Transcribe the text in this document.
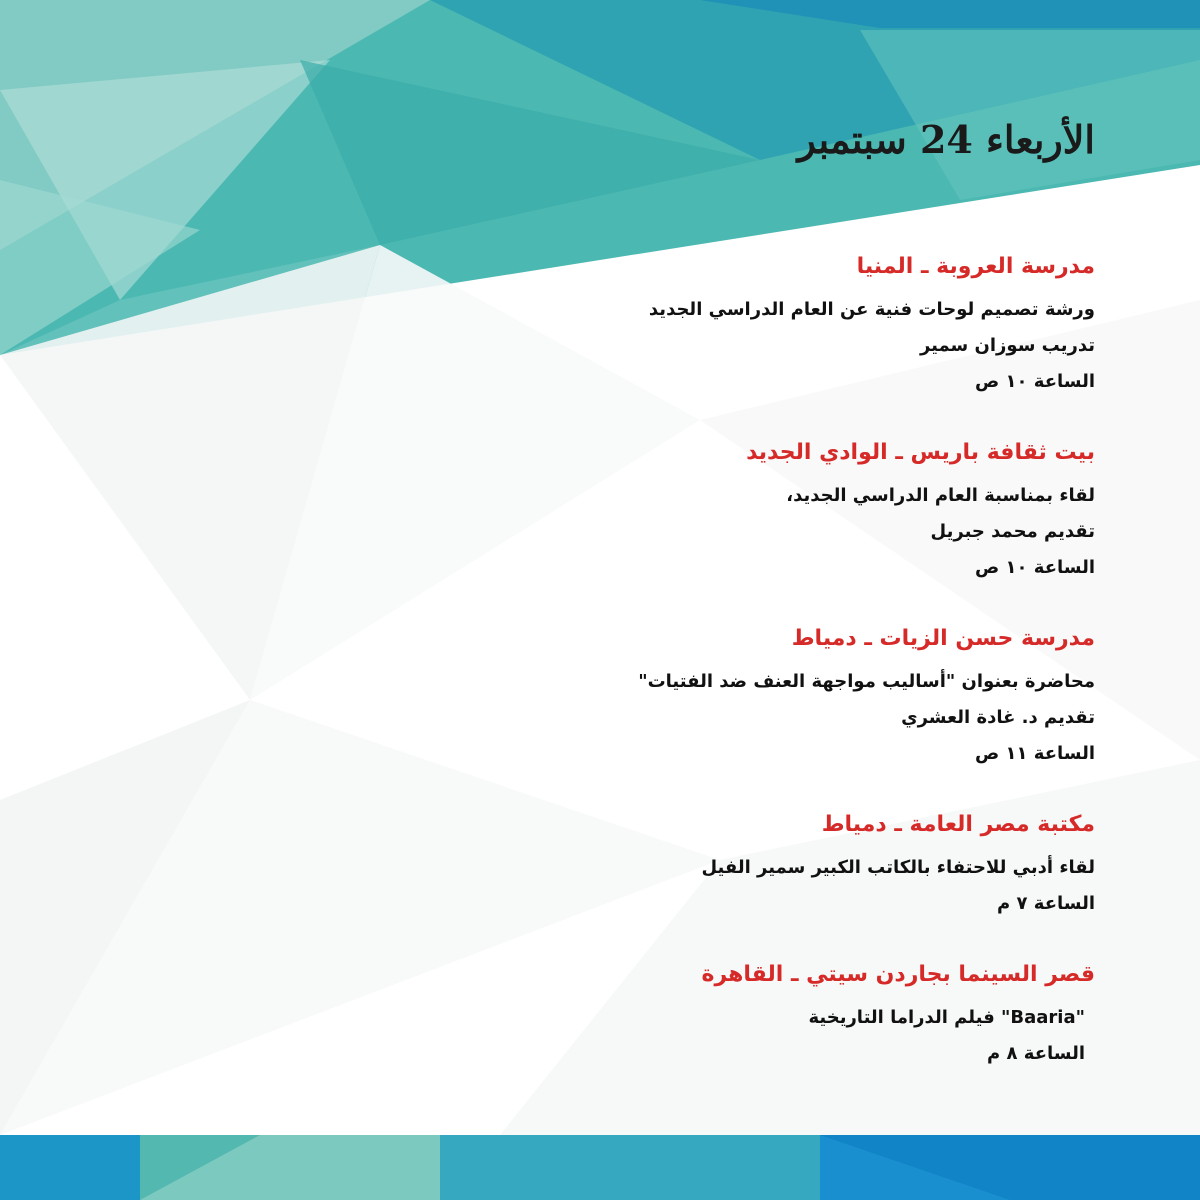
الأربعاء 24 سبتمبر

مدرسة العروبة ـ المنيا

ورشة تصميم لوحات فنية عن العام الدراسي الجديد

تدريب سوزان سمير

الساعة ١٠ ص

بيت ثقافة باريس ـ الوادي الجديد

لقاء بمناسبة العام الدراسي الجديد،

تقديم محمد جبريل

الساعة ١٠ ص

مدرسة حسن الزيات ـ دمياط

محاضرة بعنوان "أساليب مواجهة العنف ضد الفتيات"

تقديم د. غادة العشري

الساعة ١١ ص

مكتبة مصر العامة ـ دمياط

لقاء أدبي للاحتفاء بالكاتب الكبير سمير الفيل

الساعة ٧ م

قصر السينما بجاردن سيتي ـ القاهرة

"Baaria" فيلم الدراما التاريخية

الساعة ٨ م
